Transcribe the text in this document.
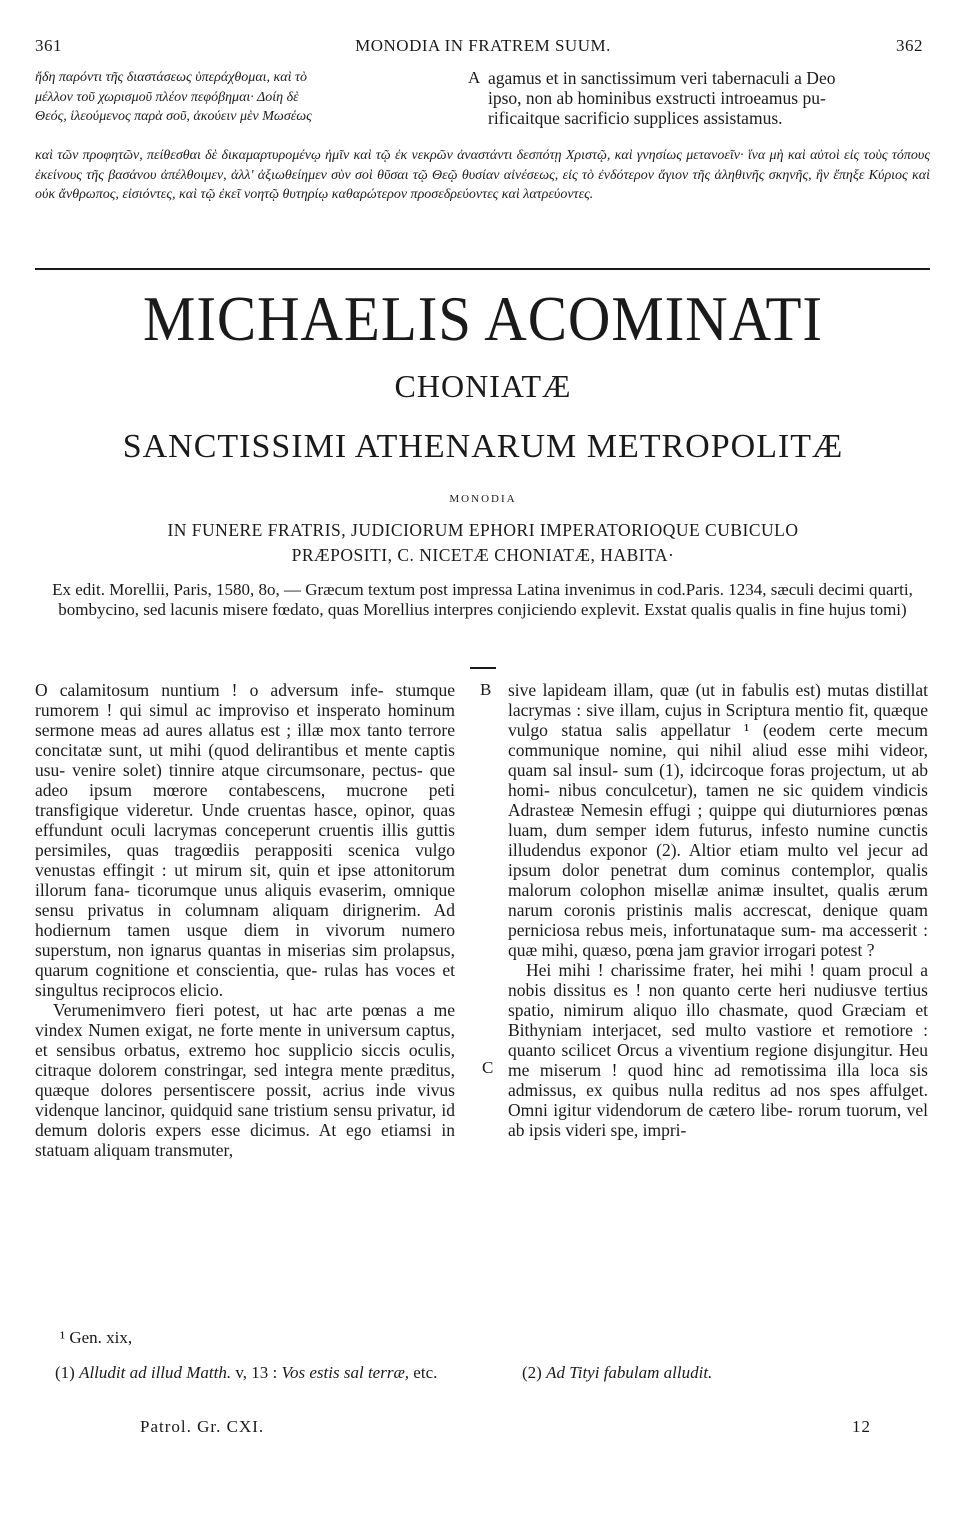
361	MONODIA IN FRATREM SUUM.	362
ἤδη παρόντι τῆς διαστάσεως ὑπεράχθομαι, καὶ τὸ
μέλλον τοῦ χωρισμοῦ πλέον πεφόβημαι· Δοίη δὲ
Θεός, ἱλεούμενος παρὰ σοῦ, ἀκούειν μὲν Μωσέως
A agamus et in sanctissimum veri tabernaculi a Deo
ipso, non ab hominibus exstructi introeamus pu-
rificaitque sacrificio supplices assistamus.

καὶ τῶν προφητῶν, πείθεσθαι δὲ δικαμαρτυρομένῳ ἡμῖν καὶ τῷ ἐκ νεκρῶν ἀναστάντι δεσπότῃ Χριστῷ, καὶ γνησίως μετανοεῖν· ἵνα μὴ καὶ αὐτοὶ εἰς τοὺς τόπους ἐκείνους τῆς βασάνου ἀπέλθοιμεν, ἀλλ' ἀξιωθείημεν σὺν σοὶ θῦσαι τῷ Θεῷ θυσίαν αἰνέσεως, εἰς τὸ ἐνδότερον ἅγιον τῆς ἀληθινῆς σκηνῆς, ἣν ἔπηξε Κύριος καὶ οὐκ ἄνθρωπος, εἰσιόντες, καὶ τῷ ἐκεῖ νοητῷ θυτηρίῳ καθαρώτερον προσεδρεύοντες καὶ λατρεύοντες.

MICHAELIS ACOMINATI
CHONIATÆ
SANCTISSIMI ATHENARUM METROPOLITÆ
MONODIA
IN FUNERE FRATRIS, JUDICIORUM EPHORI IMPERATORIOQUE CUBICULO
PRÆPOSITI, C. NICETÆ CHONIATÆ, HABITA·

Ex edit. Morellii, Paris, 1580, 8o, — Græcum textum post impressa Latina invenimus in cod.Paris. 1234, sæculi decimi quarti, bombycino, sed lacunis misere fœdato, quas Morellius interpres conjiciendo explevit. Exstat qualis qualis in fine hujus tomi)

O calamitosum nuntium ! o adversum infe- stumque rumorem ! qui simul ac improviso et insperato hominum sermone meas ad aures allatus est ; illæ mox tanto terrore concitatæ sunt, ut mihi (quod delirantibus et mente captis usu- venire solet) tinnire atque circumsonare, pectus- que adeo ipsum mœrore contabescens, mucrone peti transfigique videretur. Unde cruentas hasce, opinor, quas effundunt oculi lacrymas conceperunt cruentis illis guttis persimiles, quas tragœdiis perappositi scenica vulgo venustas effingit : ut mirum sit, quin et ipse attonitorum illorum fana- ticorumque unus aliquis evaserim, omnique sensu privatus in columnam aliquam dirignerim. Ad hodiernum tamen usque diem in vivorum numero superstum, non ignarus quantas in miserias sim prolapsus, quarum cognitione et conscientia, que- rulas has voces et singultus reciprocos elicio.

Verumenimvero fieri potest, ut hac arte pœnas a me vindex Numen exigat, ne forte mente in universum captus, et sensibus orbatus, extremo hoc supplicio siccis oculis, citraque dolorem constringar, sed integra mente præditus, quæque dolores persentiscere possit, acrius inde vivus videnque lancinor, quidquid sane tristium sensu privatur, id demum doloris expers esse dicimus. At ego etiamsi in statuam aliquam transmuter,

B
C

sive lapideam illam, quæ (ut in fabulis est) mutas distillat lacrymas : sive illam, cujus in Scriptura mentio fit, quæque vulgo statua salis appellatur ¹ (eodem certe mecum communique nomine, qui nihil aliud esse mihi videor, quam sal insul- sum (1), idcircoque foras projectum, ut ab homi- nibus conculcetur), tamen ne sic quidem vindicis Adrasteæ Nemesin effugi ; quippe qui diuturniores pœnas luam, dum semper idem futurus, infesto numine cunctis illudendus exponor (2). Altior etiam multo vel jecur ad ipsum dolor penetrat dum cominus contemplor, qualis malorum colophon misellæ animæ insultet, qualis ærum narum coronis pristinis malis accrescat, denique quam perniciosa rebus meis, infortunataque sum- ma accesserit : quæ mihi, quæso, pœna jam gravior irrogari potest ?

Hei mihi ! charissime frater, hei mihi ! quam procul a nobis dissitus es ! non quanto certe heri nudiusve tertius spatio, nimirum aliquo illo chasmate, quod Græciam et Bithyniam interjacet, sed multo vastiore et remotiore : quanto scilicet Orcus a viventium regione disjungitur. Heu me miserum ! quod hinc ad remotissima illa loca sis admissus, ex quibus nulla reditus ad nos spes affulget. Omni igitur videndorum de cætero libe- rorum tuorum, vel ab ipsis videri spe, impri-

¹ Gen. xix,
(1) Alludit ad illud Matth. v, 13 : Vos estis sal terræ, etc.	(2) Ad Tityi fabulam alludit.
Patrol. Gr. CXI.	12
